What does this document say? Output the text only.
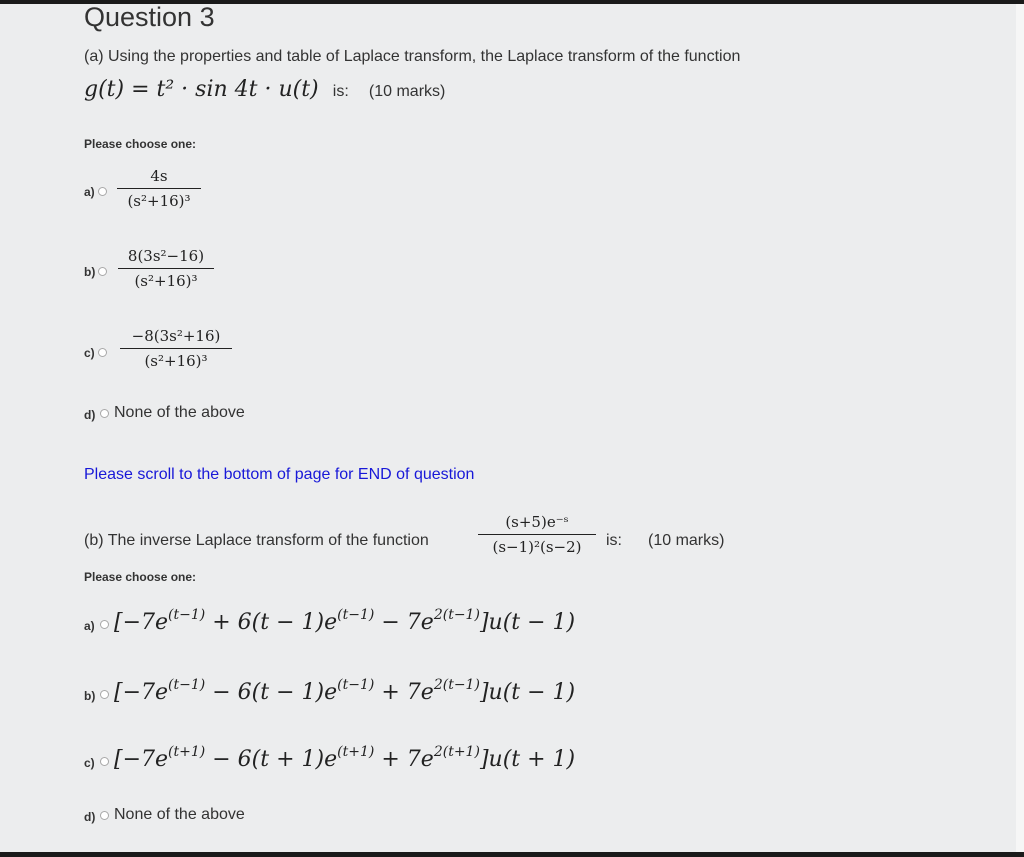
Question 3
(a) Using the properties and table of Laplace transform, the Laplace transform of the function
g(t) = t² · sin 4t · u(t) is: (10 marks)
Please choose one:
a)
4s
(s²+16)³
b)
8(3s²−16)
(s²+16)³
c)
−8(3s²+16)
(s²+16)³
d) None of the above
Please scroll to the bottom of page for END of question
(b) The inverse Laplace transform of the function
(s+5)e⁻ˢ
(s−1)²(s−2)	is: (10 marks)
Please choose one:
a) $[-7e^{(t-1)} + 6(t - 1)e^{(t-1)} - 7e^{2(t-1)}]u(t - 1)$
b) $[-7e^{(t-1)} - 6(t - 1)e^{(t-1)} + 7e^{2(t-1)}]u(t - 1)$
c) $[-7e^{(t+1)} - 6(t + 1)e^{(t+1)} + 7e^{2(t+1)}]u(t + 1)$
d) None of the above
